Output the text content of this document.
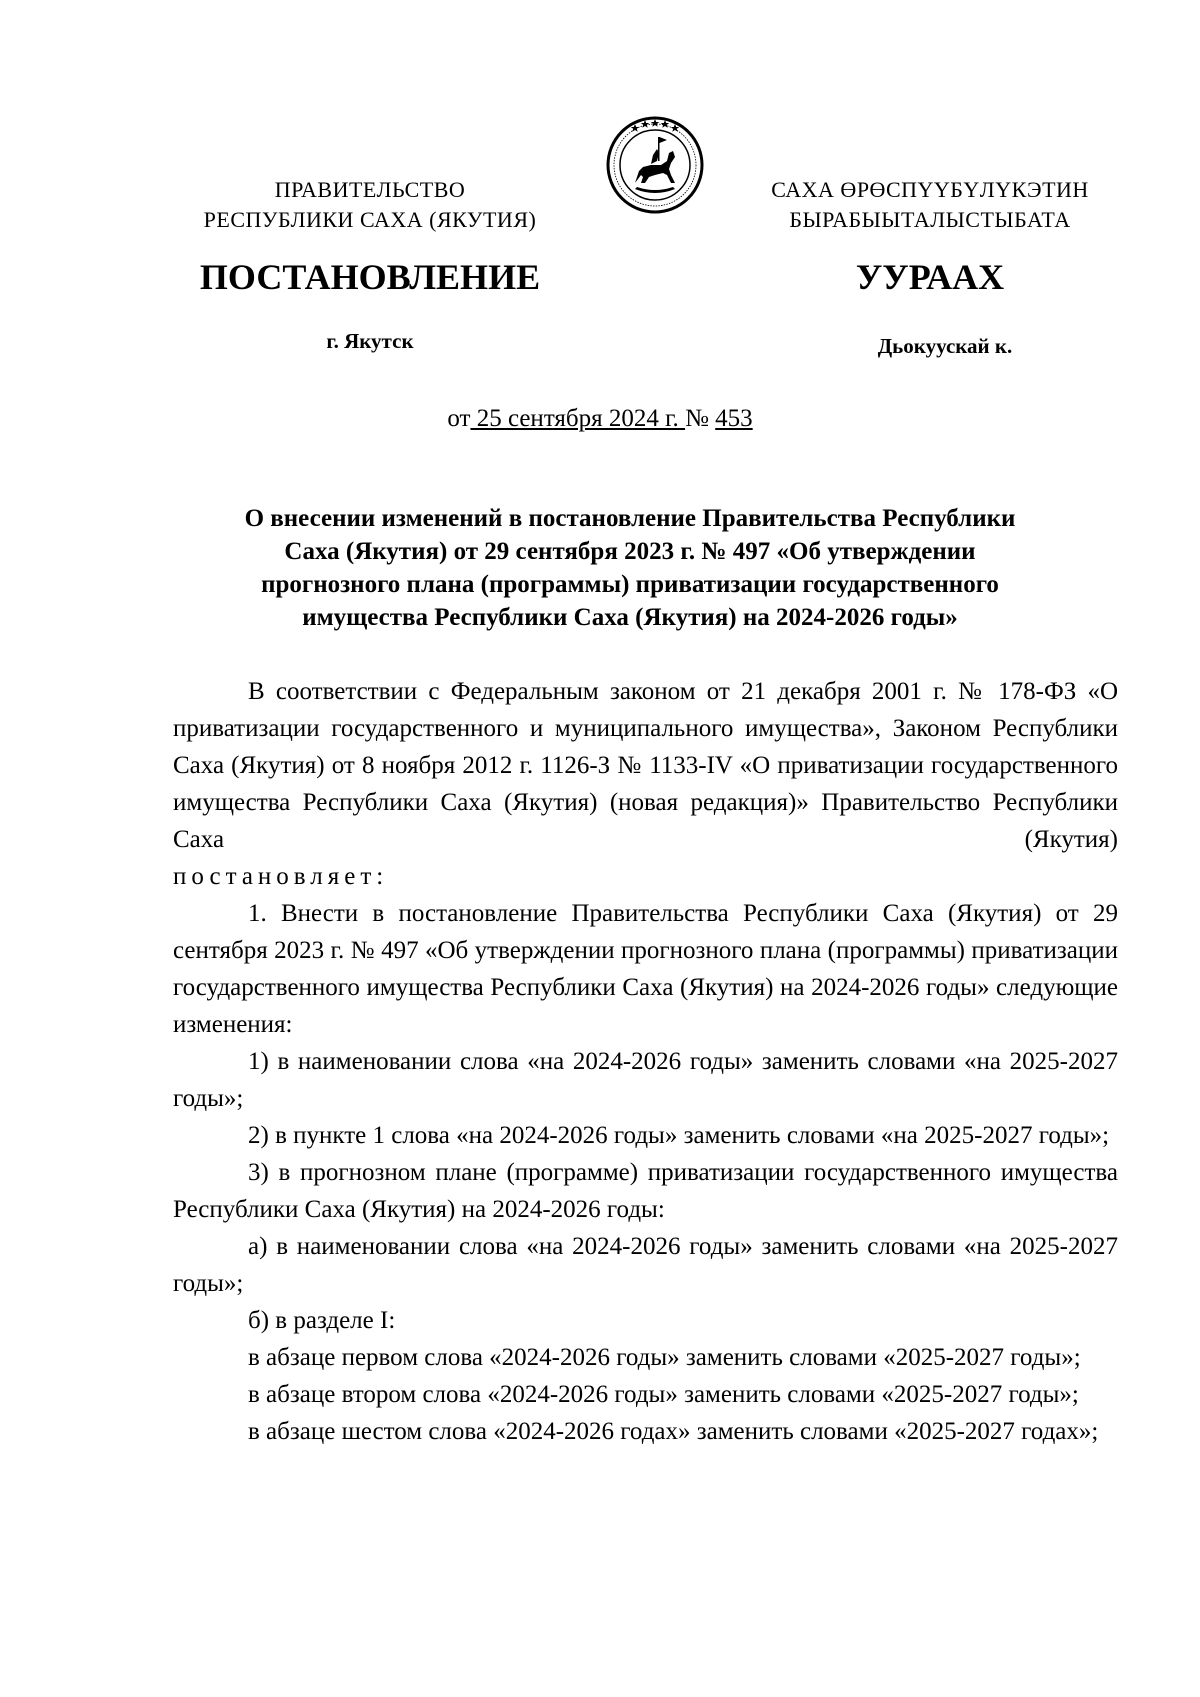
ПРАВИТЕЛЬСТВО
РЕСПУБЛИКИ САХА (ЯКУТИЯ)
САХА ӨРӨСПҮҮБҮЛҮКЭТИН
БЫРАБЫЫТАЛЫСТЫБАТА
ПОСТАНОВЛЕНИЕ	УУРААХ
г. Якутск	Дьокуускай к.
от 25 сентября 2024 г. № 453
О внесении изменений в постановление Правительства Республики
Саха (Якутия) от 29 сентября 2023 г. № 497 «Об утверждении
прогнозного плана (программы) приватизации государственного
имущества Республики Саха (Якутия) на 2024-2026 годы»

В соответствии с Федеральным законом от 21 декабря 2001 г. № 178-ФЗ «О приватизации государственного и муниципального имущества», Законом Республики Саха (Якутия) от 8 ноября 2012 г. 1126-З № 1133-IV «О приватизации государственного имущества Республики Саха (Якутия) (новая редакция)» Правительство Республики Саха (Якутия)

постановляет:

1. Внести в постановление Правительства Республики Саха (Якутия) от 29 сентября 2023 г. № 497 «Об утверждении прогнозного плана (программы) приватизации государственного имущества Республики Саха (Якутия) на 2024-2026 годы» следующие изменения:

1) в наименовании слова «на 2024-2026 годы» заменить словами «на 2025-2027 годы»;

2) в пункте 1 слова «на 2024-2026 годы» заменить словами «на 2025-2027 годы»;

3) в прогнозном плане (программе) приватизации государственного имущества Республики Саха (Якутия) на 2024-2026 годы:

а) в наименовании слова «на 2024-2026 годы» заменить словами «на 2025-2027 годы»;

б) в разделе I:

в абзаце первом слова «2024-2026 годы» заменить словами «2025-2027 годы»;

в абзаце втором слова «2024-2026 годы» заменить словами «2025-2027 годы»;

в абзаце шестом слова «2024-2026 годах» заменить словами «2025-2027 годах»;
